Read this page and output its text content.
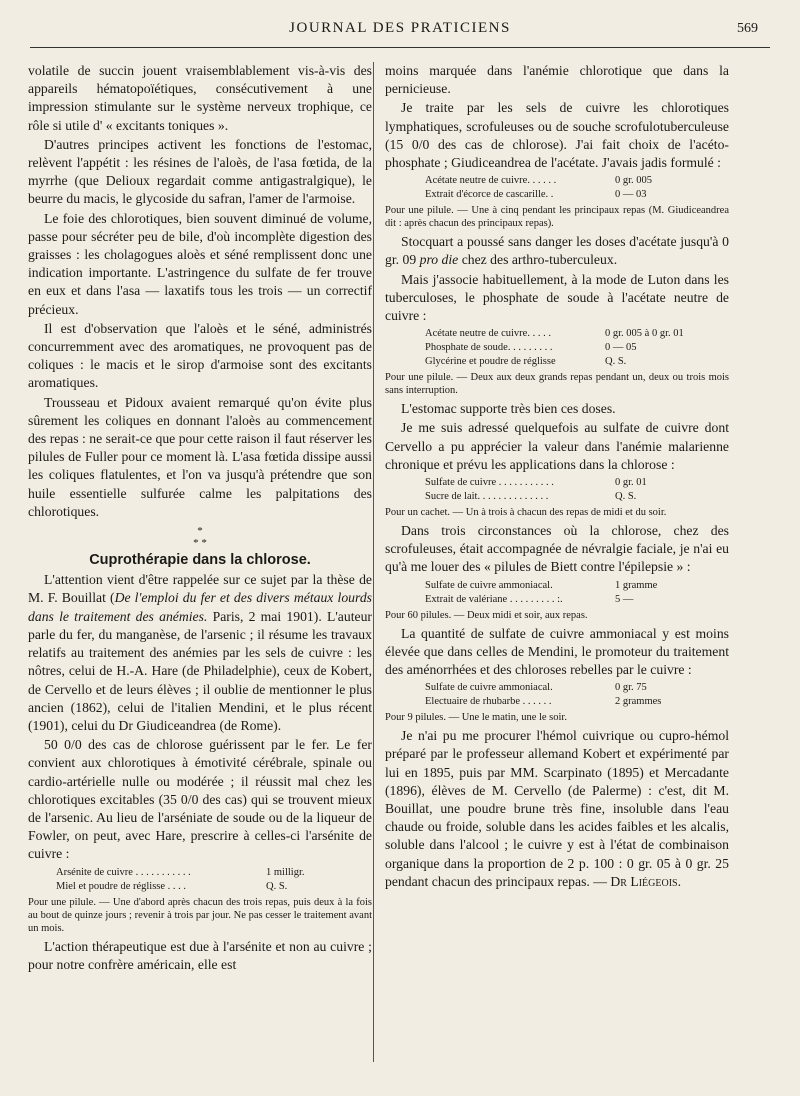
JOURNAL DES PRATICIENS	569

volatile de succin jouent vraisemblablement vis-à-vis des appareils hématopoïétiques, consécutivement à une impression stimulante sur le système nerveux trophique, ce rôle si utile d' « excitants toniques ».

D'autres principes activent les fonctions de l'estomac, relèvent l'appétit : les résines de l'aloès, de l'asa fœtida, de la myrrhe (que Delioux regardait comme antigastralgique), le beurre du macis, le glycoside du safran, l'amer de l'armoise.

Le foie des chlorotiques, bien souvent diminué de volume, passe pour sécréter peu de bile, d'où incomplète digestion des graisses : les cholagogues aloès et séné remplissent donc une indication importante. L'astringence du sulfate de fer trouve en eux et dans l'asa — laxatifs tous les trois — un correctif précieux.

Il est d'observation que l'aloès et le séné, administrés concurremment avec des aromatiques, ne provoquent pas de coliques : le macis et le sirop d'armoise sont des excitants aromatiques.

Trousseau et Pidoux avaient remarqué qu'on évite plus sûrement les coliques en donnant l'aloès au commencement des repas : ne serait-ce que pour cette raison il faut réserver les pilules de Fuller pour ce moment là. L'asa fœtida dissipe aussi les coliques flatulentes, et l'on va jusqu'à prétendre que son huile essentielle sulfurée calme les palpitations des chlorotiques.

*
* *
Cuprothérapie dans la chlorose.

L'attention vient d'être rappelée sur ce sujet par la thèse de M. F. Bouillat (De l'emploi du fer et des divers métaux lourds dans le traitement des anémies. Paris, 2 mai 1901). L'auteur parle du fer, du manganèse, de l'arsenic ; il résume les travaux relatifs au traitement des anémies par les sels de cuivre : les nôtres, celui de H.-A. Hare (de Philadelphie), ceux de Kobert, de Cervello et de leurs élèves ; il oublie de mentionner le plus ancien (1862), celui de l'italien Mendini, et le plus récent (1901), celui du Dr Giudiceandrea (de Rome).

50 0/0 des cas de chlorose guérissent par le fer. Le fer convient aux chlorotiques à émotivité cérébrale, spinale ou cardio-artérielle nulle ou modérée ; il réussit mal chez les chlorotiques excitables (35 0/0 des cas) qui se trouvent mieux de l'arsenic. Au lieu de l'arséniate de soude ou de la liqueur de Fowler, on peut, avec Hare, prescrire à celles-ci l'arsénite de cuivre :

Arsénite de cuivre . . . . . . . . . . .	1 milligr.
Miel et poudre de réglisse . . . .	Q. S.
Pour une pilule. — Une d'abord après chacun des trois repas, puis deux à la fois au bout de quinze jours ; revenir à trois par jour. Ne pas cesser le traitement avant un mois.

L'action thérapeutique est due à l'arsénite et non au cuivre ; pour notre confrère américain, elle est

moins marquée dans l'anémie chlorotique que dans la pernicieuse.

Je traite par les sels de cuivre les chlorotiques lymphatiques, scrofuleuses ou de souche scrofulotuberculeuse (15 0/0 des cas de chlorose). J'ai fait choix de l'acéto-phosphate ; Giudiceandrea de l'acétate. J'avais jadis formulé :

Acétate neutre de cuivre. . . . . .	0 gr. 005
Extrait d'écorce de cascarille. .	0 — 03
Pour une pilule. — Une à cinq pendant les principaux repas (M. Giudiceandrea dit : après chacun des principaux repas).

Stocquart a poussé sans danger les doses d'acétate jusqu'à 0 gr. 09 pro die chez des arthro-tuberculeux.

Mais j'associe habituellement, à la mode de Luton dans les tuberculoses, le phosphate de soude à l'acétate neutre de cuivre :

Acétate neutre de cuivre. . . . .	0 gr. 005 à 0 gr. 01
Phosphate de soude. . . . . . . . .	0 — 05
Glycérine et poudre de réglisse	Q. S.
Pour une pilule. — Deux aux deux grands repas pendant un, deux ou trois mois sans interruption.

L'estomac supporte très bien ces doses.

Je me suis adressé quelquefois au sulfate de cuivre dont Cervello a pu apprécier la valeur dans l'anémie malarienne chronique et prévu les applications dans la chlorose :

Sulfate de cuivre . . . . . . . . . . .	0 gr. 01
Sucre de lait. . . . . . . . . . . . . .	Q. S.
Pour un cachet. — Un à trois à chacun des repas de midi et du soir.

Dans trois circonstances où la chlorose, chez des scrofuleuses, était accompagnée de névralgie faciale, je n'ai eu qu'à me louer des « pilules de Biett contre l'épilepsie » :

Sulfate de cuivre ammoniacal.	1 gramme
Extrait de valériane . . . . . . . . . :.	5 —
Pour 60 pilules. — Deux midi et soir, aux repas.

La quantité de sulfate de cuivre ammoniacal y est moins élevée que dans celles de Mendini, le promoteur du traitement des aménorrhées et des chloroses rebelles par le cuivre :

Sulfate de cuivre ammoniacal.	0 gr. 75
Electuaire de rhubarbe . . . . . .	2 grammes
Pour 9 pilules. — Une le matin, une le soir.

Je n'ai pu me procurer l'hémol cuivrique ou cupro-hémol préparé par le professeur allemand Kobert et expérimenté par lui en 1895, puis par MM. Scarpinato (1895) et Mercadante (1896), élèves de M. Cervello (de Palerme) : c'est, dit M. Bouillat, une poudre brune très fine, insoluble dans l'eau chaude ou froide, soluble dans les acides faibles et les alcalis, soluble dans l'alcool ; le cuivre y est à l'état de combinaison organique dans la proportion de 2 p. 100 : 0 gr. 05 à 0 gr. 25 pendant chacun des principaux repas. — Dr Liégeois.
